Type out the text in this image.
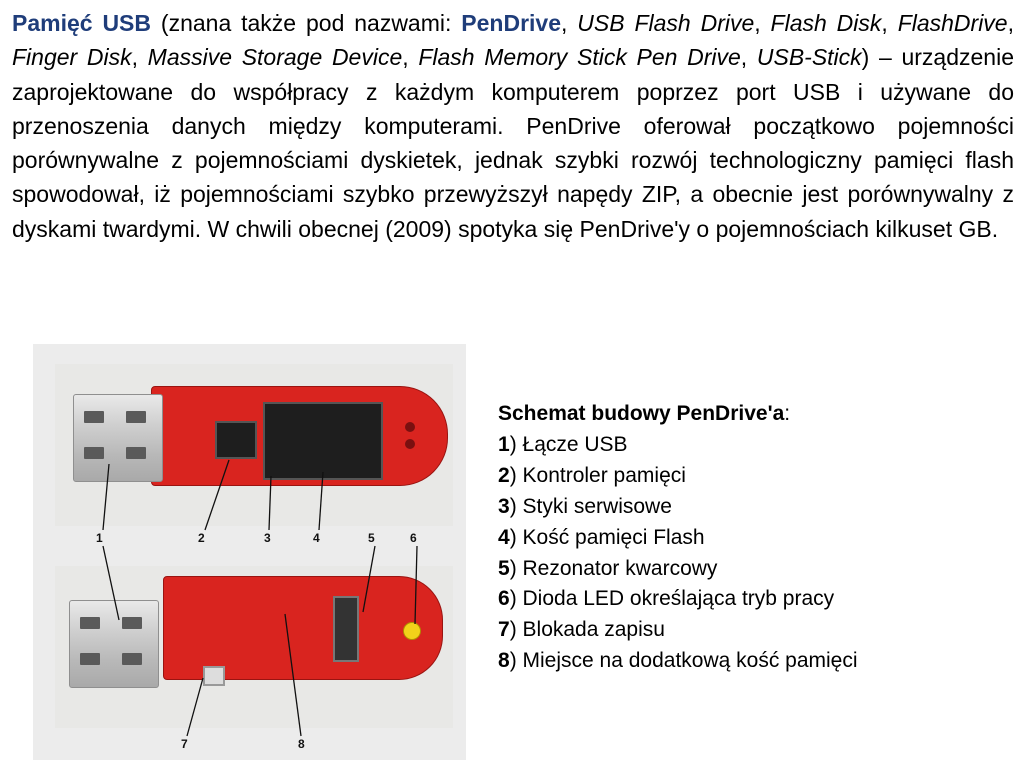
Pamięć USB (znana także pod nazwami: PenDrive, USB Flash Drive, Flash Disk, FlashDrive, Finger Disk, Massive Storage Device, Flash Memory Stick Pen Drive, USB-Stick) – urządzenie zaprojektowane do współpracy z każdym komputerem poprzez port USB i używane do przenoszenia danych między komputerami. PenDrive oferował początkowo pojemności porównywalne z pojemnościami dyskietek, jednak szybki rozwój technologiczny pamięci flash spowodował, iż pojemnościami szybko przewyższył napędy ZIP, a obecnie jest porównywalny z dyskami twardymi. W chwili obecnej (2009) spotyka się PenDrive'y o pojemnościach kilkuset GB.

1	2	3	4	5	6
7	8
Schemat budowy PenDrive'a:
1) Łącze USB
2) Kontroler pamięci
3) Styki serwisowe
4) Kość pamięci Flash
5) Rezonator kwarcowy
6) Dioda LED określająca tryb pracy
7) Blokada zapisu
8) Miejsce na dodatkową kość pamięci
